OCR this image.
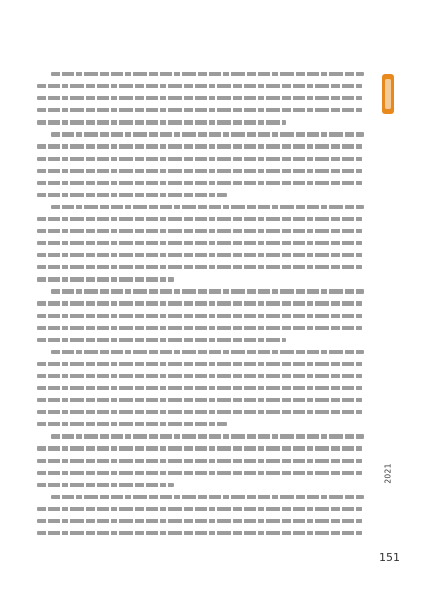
2021
151
